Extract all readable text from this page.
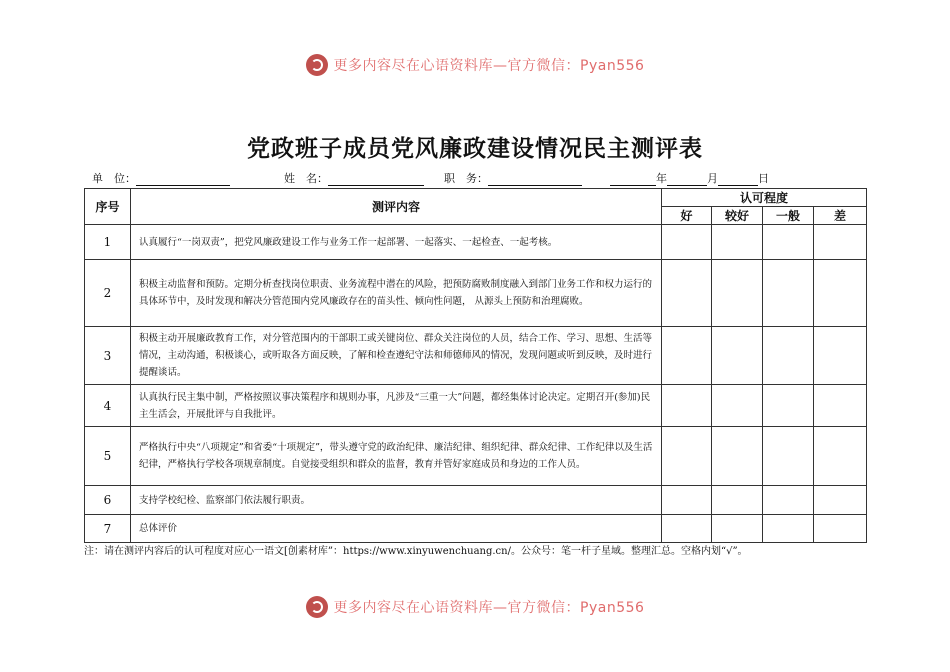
更多内容尽在心语资料库—官方微信：Pyan556
党政班子成员党风廉政建设情况民主测评表
单　位：	姓　名：	职　务：	年	月	日
序号	测评内容	认可程度			
		好	较好	一般	差
1	认真履行“一岗双责”，把党风廉政建设工作与业务工作一起部署、一起落实、一起检查、一起考核。				
2	积极主动监督和预防。定期分析查找岗位职责、业务流程中潜在的风险，把预防腐败制度融入到部门业务工作和权力运行的具体环节中，及时发现和解决分管范围内党风廉政存在的苗头性、倾向性问题， 从源头上预防和治理腐败。				
3	积极主动开展廉政教育工作，对分管范围内的干部职工或关键岗位、群众关注岗位的人员，结合工作、学习、思想、生活等情况，主动沟通，积极谈心，或听取各方面反映，了解和检查遵纪守法和师德师风的情况，发现问题或听到反映，及时进行提醒谈话。				
4	认真执行民主集中制，严格按照议事决策程序和规则办事，凡涉及“三重一大”问题，都经集体讨论决定。定期召开(参加)民主生活会，开展批评与自我批评。				
5	严格执行中央“八项规定”和省委“十项规定”，带头遵守党的政治纪律、廉洁纪律、组织纪律、群众纪律、工作纪律以及生活纪律，严格执行学校各项规章制度。自觉接受组织和群众的监督，教育并管好家庭成员和身边的工作人员。				
6	支持学校纪检、监察部门依法履行职责。				
7	总体评价				
注：请在测评内容后的认可程度对应心一语文[创素材库”：https://www.xinyuwenchuang.cn/。公众号：笔一杆子星域。整理汇总。空格内划“√”。
更多内容尽在心语资料库—官方微信：Pyan556
